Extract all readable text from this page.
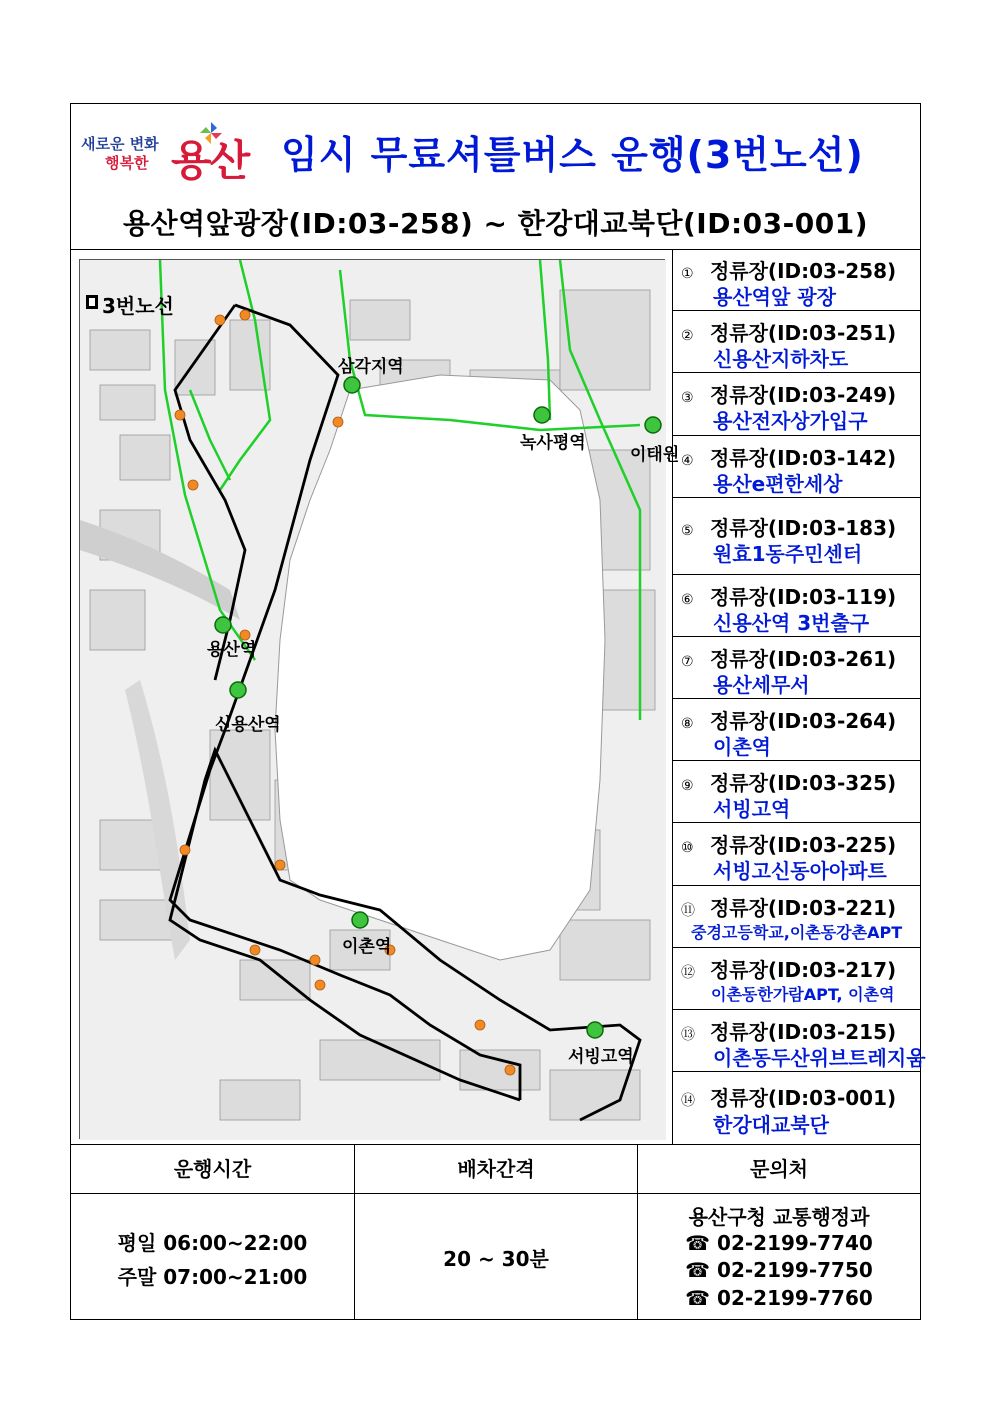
새로운 변화
행복한 용산 임시 무료셔틀버스 운행(3번노선)
용산역앞광장(ID:03-258) ~ 한강대교북단(ID:03-001)
3번노선
삼각지역
녹사평역
이태원
용산역
신용산역
이촌역
서빙고역
① 정류장(ID:03-258)
용산역앞 광장
② 정류장(ID:03-251)
신용산지하차도
③ 정류장(ID:03-249)
용산전자상가입구
④ 정류장(ID:03-142)
용산e편한세상
⑤ 정류장(ID:03-183)
원효1동주민센터
⑥ 정류장(ID:03-119)
신용산역 3번출구
⑦ 정류장(ID:03-261)
용산세무서
⑧ 정류장(ID:03-264)
이촌역
⑨ 정류장(ID:03-325)
서빙고역
⑩ 정류장(ID:03-225)
서빙고신동아아파트
⑪ 정류장(ID:03-221)
중경고등학교,이촌동강촌APT
⑫ 정류장(ID:03-217)
이촌동한가람APT, 이촌역
⑬ 정류장(ID:03-215)
이촌동두산위브트레지움
⑭ 정류장(ID:03-001)
한강대교북단
운행시간
평일 06:00~22:00
주말 07:00~21:00
배차간격
20 ~ 30분
문의처
용산구청 교통행정과
☎ 02-2199-7740
☎ 02-2199-7750
☎ 02-2199-7760
